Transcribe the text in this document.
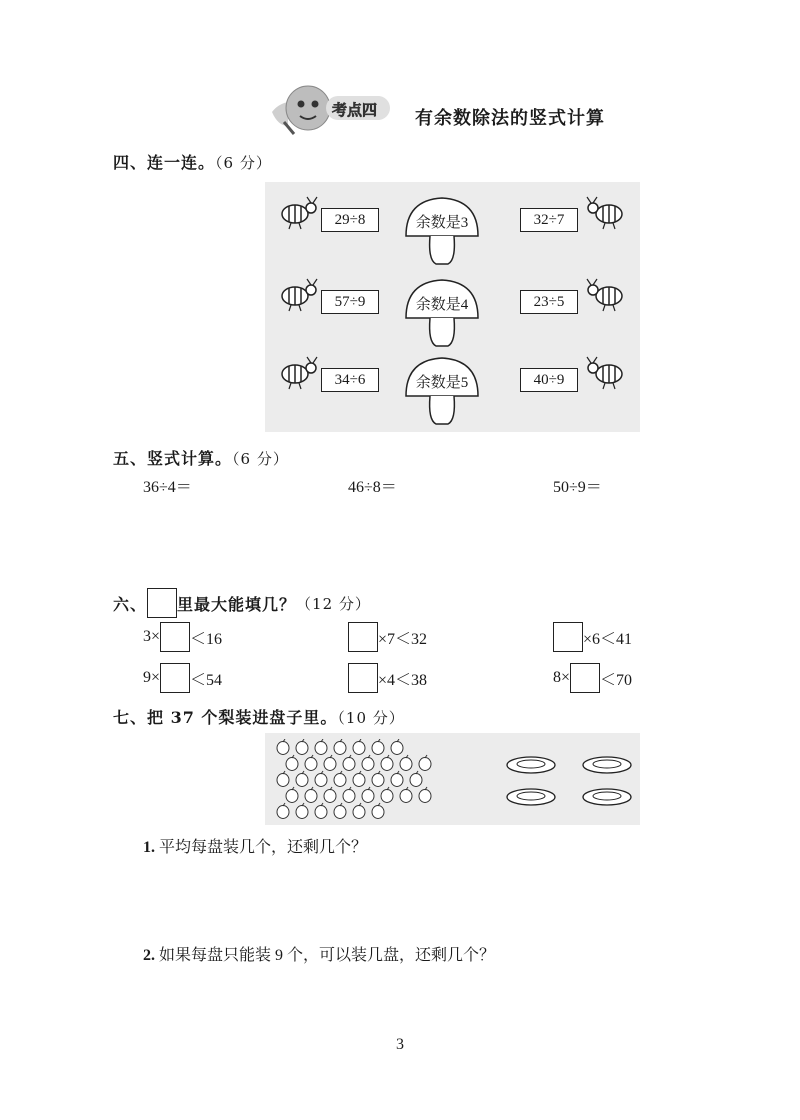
考点四 有余数除法的竖式计算
四、连一连。（6 分）
29÷8	余数是3	32÷7
57÷9	余数是4	23÷5
34÷6	余数是5	40÷9
五、竖式计算。（6 分）
36÷4＝	46÷8＝	50÷9＝
六、 里最大能填几？ （12 分）
3× ＜16	×7＜32	×6＜41
9× ＜54	×4＜38	8× ＜70
七、把 37 个梨装进盘子里。（10 分）
1. 平均每盘装几个，还剩几个？
2. 如果每盘只能装 9 个，可以装几盘，还剩几个？
3
